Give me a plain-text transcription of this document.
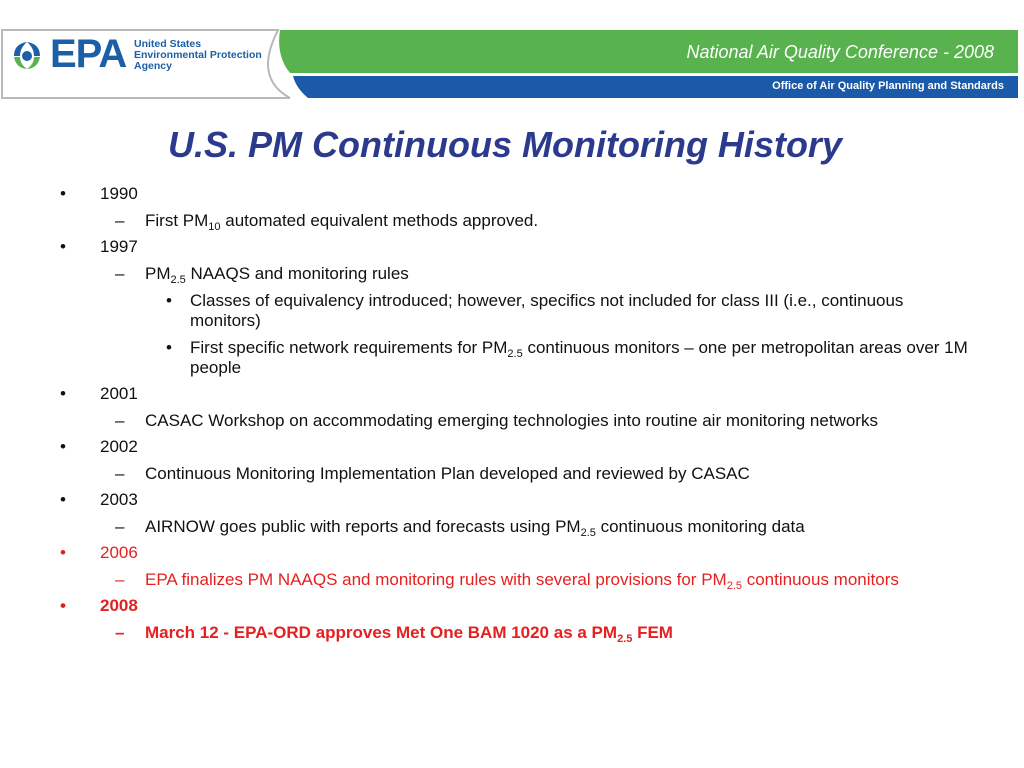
EPA United States
Environmental Protection
Agency
National Air Quality Conference - 2008
Office of Air Quality Planning and Standards
U.S. PM Continuous Monitoring History
• 1990
– First $PM_{10}$ automated equivalent methods approved.
• 1997
– $PM_{2.5}$ NAAQS and monitoring rules
• Classes of equivalency introduced; however, specifics not included for class III (i.e., continuous monitors)
• First specific network requirements for $PM_{2.5}$ continuous monitors – one per metropolitan areas over 1M people
• 2001
– CASAC Workshop on accommodating emerging technologies into routine air monitoring networks
• 2002
– Continuous Monitoring Implementation Plan developed and reviewed by CASAC
• 2003
– AIRNOW goes public with reports and forecasts using $PM_{2.5}$ continuous monitoring data
• 2006
– EPA finalizes PM NAAQS and monitoring rules with several provisions for $PM_{2.5}$ continuous monitors
• 2008
– March 12 - EPA-ORD approves Met One BAM 1020 as a $PM_{2.5}$ FEM
